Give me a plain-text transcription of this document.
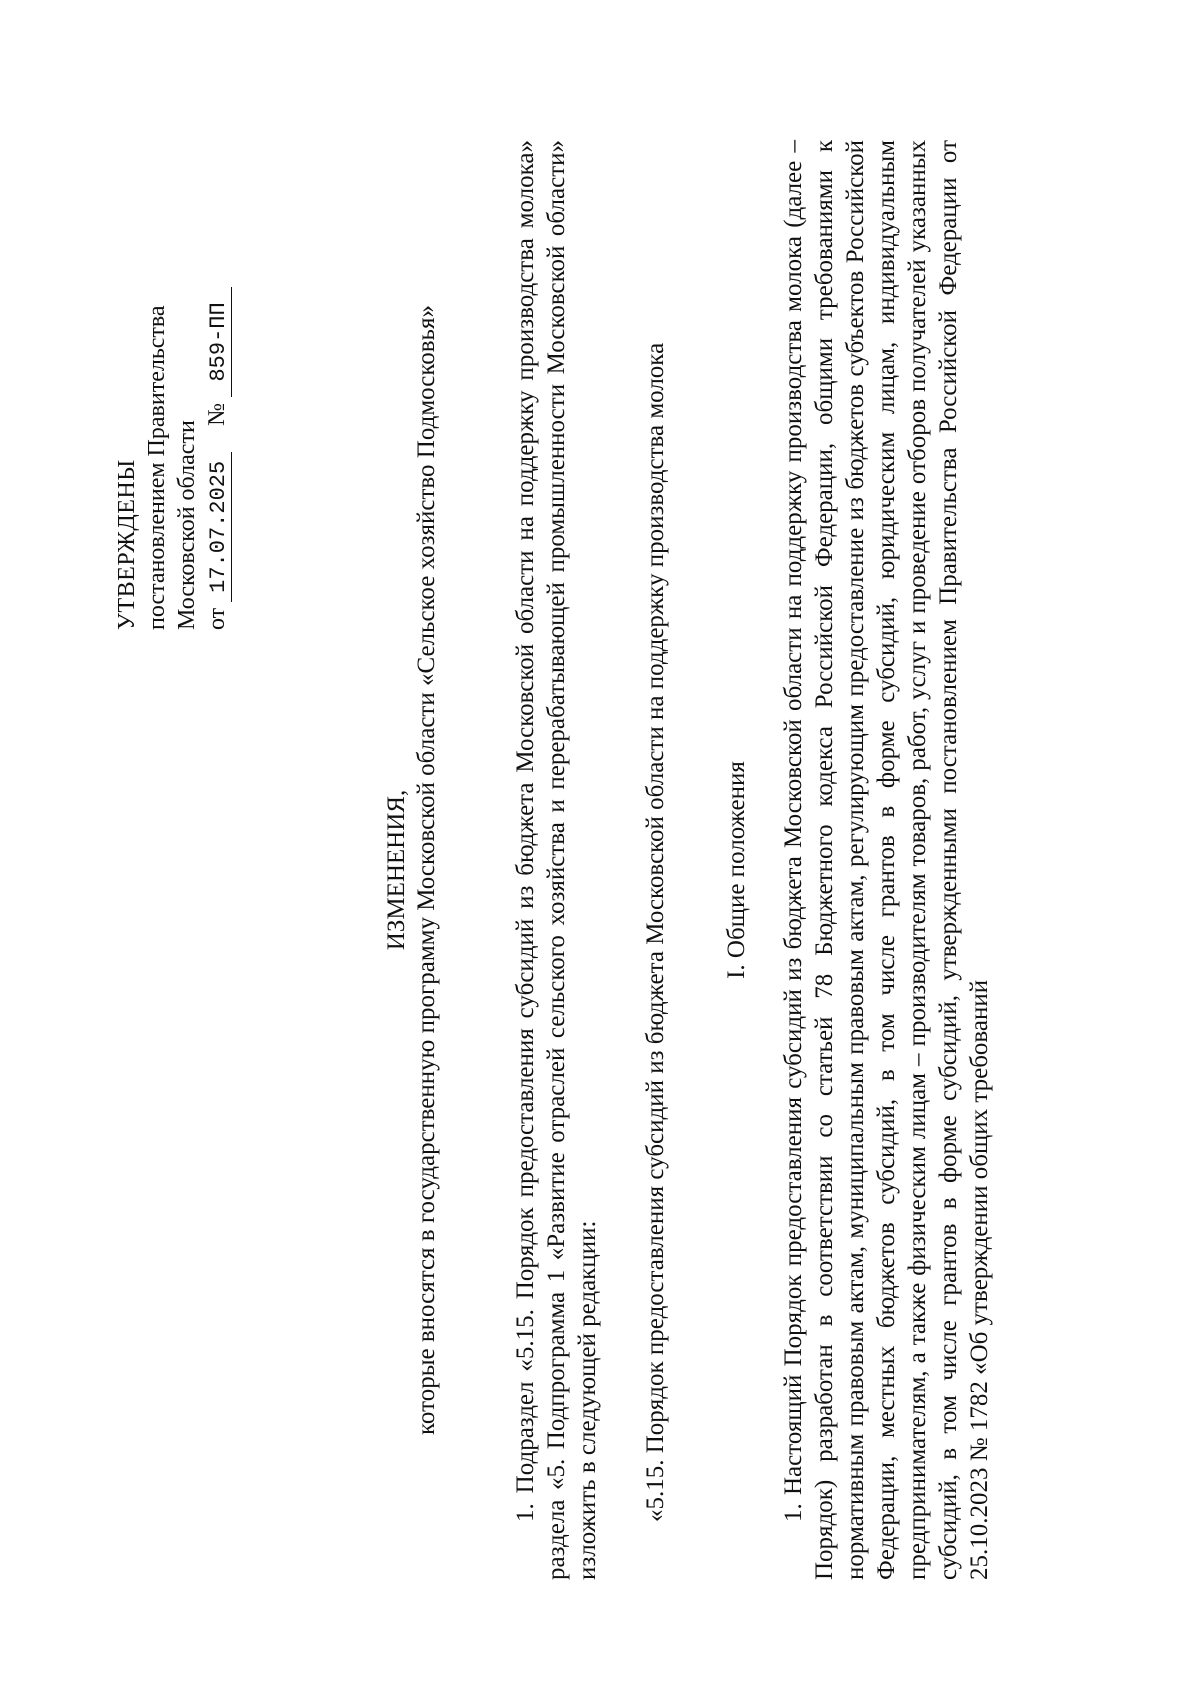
УТВЕРЖДЕНЫ постановлением Правительства Московской области от 17.07.2025  № 859-ПП
ИЗМЕНЕНИЯ, которые вносятся в государственную программу Московской области «Сельское хозяйство Подмосковья»
1. Подраздел «5.15. Порядок предоставления субсидий из бюджета Московской области на поддержку производства молока» раздела «5. Подпрограмма 1 «Развитие отраслей сельского хозяйства и перерабатывающей промышленности Московской области» изложить в следующей редакции: «5.15. Порядок предоставления субсидий из бюджета Московской области на поддержку производства молока I. Общие положения
1. Настоящий Порядок предоставления субсидий из бюджета Московской области на поддержку производства молока (далее – Порядок) разработан в соответствии со статьей 78 Бюджетного кодекса Российской Федерации, общими требованиями к нормативным правовым актам, муниципальным правовым актам, регулирующим предоставление из бюджетов субъектов Российской Федерации, местных бюджетов субсидий, в том числе грантов в форме субсидий, юридическим лицам, индивидуальным предпринимателям, а также физическим лицам – производителям товаров, работ, услуг и проведение отборов получателей указанных субсидий, в том числе грантов в форме субсидий, утвержденными постановлением Правительства Российской Федерации от 25.10.2023 № 1782 «Об утверждении общих требований
